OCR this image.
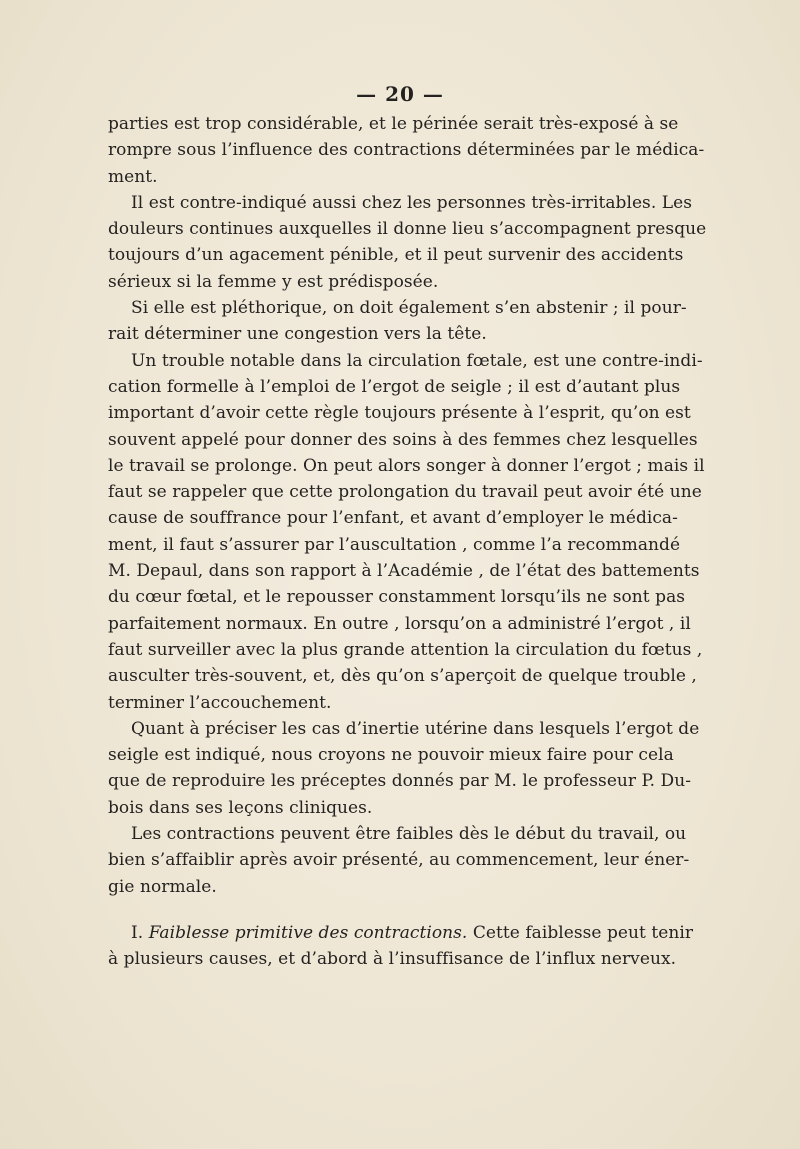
— 20 —
parties est trop considérable, et le périnée serait très-exposé à se
rompre sous l’influence des contractions déterminées par le médica-
ment.
Il est contre-indiqué aussi chez les personnes très-irritables. Les
douleurs continues auxquelles il donne lieu s’accompagnent presque
toujours d’un agacement pénible, et il peut survenir des accidents
sérieux si la femme y est prédisposée.
Si elle est pléthorique, on doit également s’en abstenir ; il pour-
rait déterminer une congestion vers la tête.
Un trouble notable dans la circulation fœtale, est une contre-indi-
cation formelle à l’emploi de l’ergot de seigle ; il est d’autant plus
important d’avoir cette règle toujours présente à l’esprit, qu’on est
souvent appelé pour donner des soins à des femmes chez lesquelles
le travail se prolonge. On peut alors songer à donner l’ergot ; mais il
faut se rappeler que cette prolongation du travail peut avoir été une
cause de souffrance pour l’enfant, et avant d’employer le médica-
ment, il faut s’assurer par l’auscultation , comme l’a recommandé
M. Depaul, dans son rapport à l’Académie , de l’état des battements
du cœur fœtal, et le repousser constamment lorsqu’ils ne sont pas
parfaitement normaux. En outre , lorsqu’on a administré l’ergot , il
faut surveiller avec la plus grande attention la circulation du fœtus ,
ausculter très-souvent, et, dès qu’on s’aperçoit de quelque trouble ,
terminer l’accouchement.
Quant à préciser les cas d’inertie utérine dans lesquels l’ergot de
seigle est indiqué, nous croyons ne pouvoir mieux faire pour cela
que de reproduire les préceptes donnés par M. le professeur P. Du-
bois dans ses leçons cliniques.
Les contractions peuvent être faibles dès le début du travail, ou
bien s’affaiblir après avoir présenté, au commencement, leur éner-
gie normale.
I. Faiblesse primitive des contractions. Cette faiblesse peut tenir
à plusieurs causes, et d’abord à l’insuffisance de l’influx nerveux.
